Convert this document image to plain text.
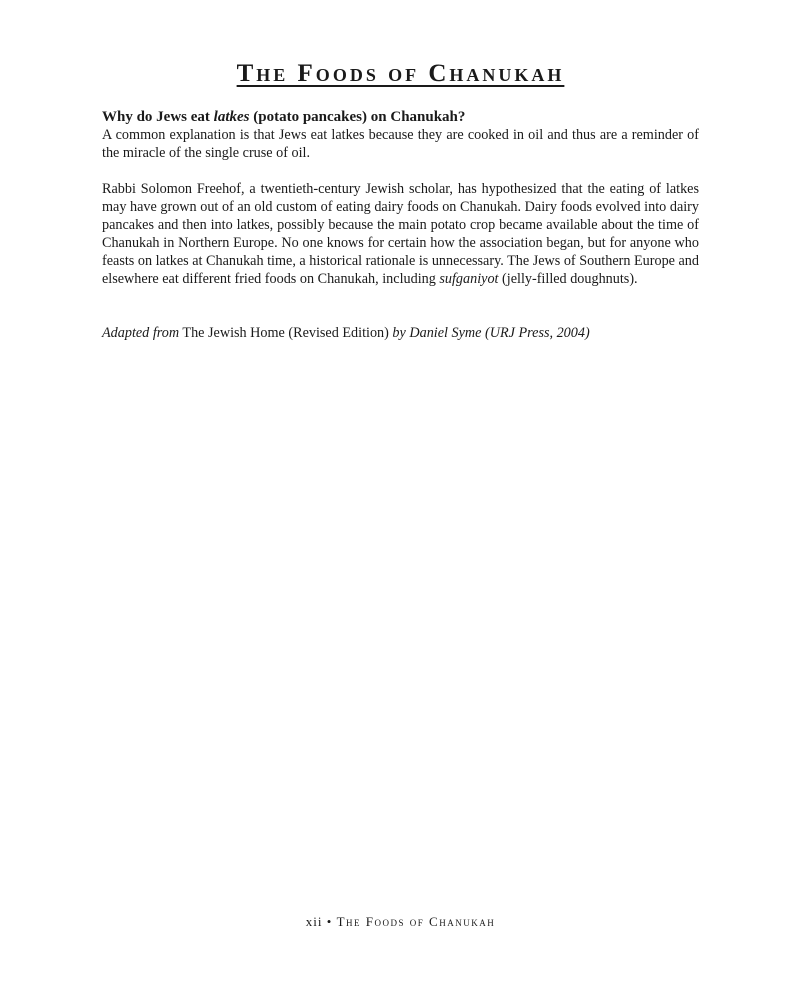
The Foods of Chanukah

Why do Jews eat latkes (potato pancakes) on Chanukah?

A common explanation is that Jews eat latkes because they are cooked in oil and thus are a reminder of the miracle of the single cruse of oil.

Rabbi Solomon Freehof, a twentieth-century Jewish scholar, has hypothesized that the eating of latkes may have grown out of an old custom of eating dairy foods on Chanukah. Dairy foods evolved into dairy pancakes and then into latkes, possibly because the main potato crop became available about the time of Chanukah in Northern Europe. No one knows for certain how the association began, but for anyone who feasts on latkes at Chanukah time, a historical rationale is unnecessary. The Jews of Southern Europe and elsewhere eat different fried foods on Chanukah, including sufganiyot (jelly-filled doughnuts).

Adapted from The Jewish Home (Revised Edition) by Daniel Syme (URJ Press, 2004)

xii • The Foods of Chanukah
